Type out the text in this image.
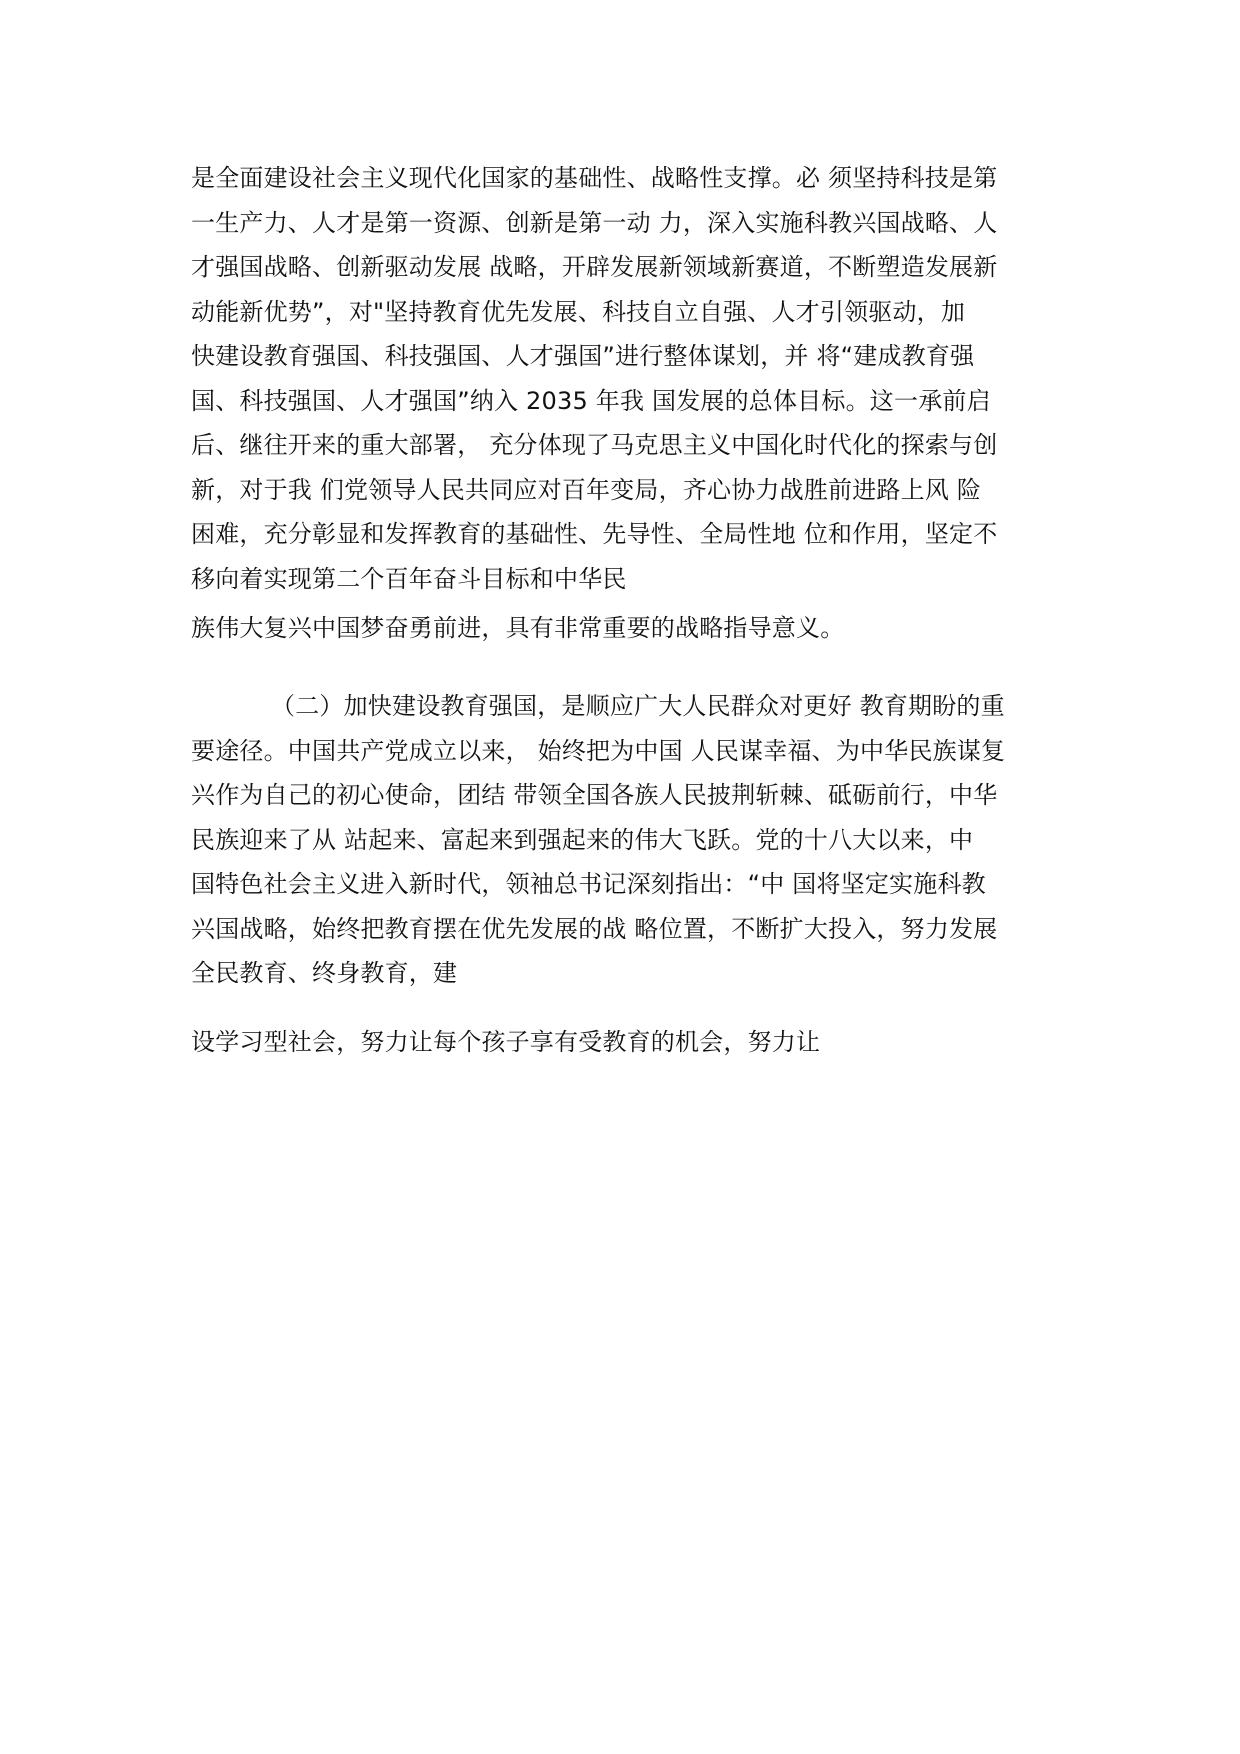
是全面建设社会主义现代化国家的基础性、战略性支撑。必 须坚持科技是第
一生产力、人才是第一资源、创新是第一动 力，深入实施科教兴国战略、人
才强国战略、创新驱动发展 战略，开辟发展新领域新赛道，不断塑造发展新
动能新优势”，对"坚持教育优先发展、科技自立自强、人才引领驱动，加
快建设教育强国、科技强国、人才强国”进行整体谋划，并 将“建成教育强
国、科技强国、人才强国”纳入 2035 年我 国发展的总体目标。这一承前启
后、继往开来的重大部署， 充分体现了马克思主义中国化时代化的探索与创
新，对于我 们党领导人民共同应对百年变局，齐心协力战胜前进路上风 险
困难，充分彰显和发挥教育的基础性、先导性、全局性地 位和作用，坚定不
移向着实现第二个百年奋斗目标和中华民
族伟大复兴中国梦奋勇前进，具有非常重要的战略指导意义。
（二）加快建设教育强国，是顺应广大人民群众对更好 教育期盼的重
要途径。中国共产党成立以来， 始终把为中国 人民谋幸福、为中华民族谋复
兴作为自己的初心使命，团结 带领全国各族人民披荆斩棘、砥砺前行，中华
民族迎来了从 站起来、富起来到强起来的伟大飞跃。党的十八大以来，中
国特色社会主义进入新时代，领袖总书记深刻指出：“中 国将坚定实施科教
兴国战略，始终把教育摆在优先发展的战 略位置，不断扩大投入，努力发展
全民教育、终身教育，建
设学习型社会，努力让每个孩子享有受教育的机会，努力让
